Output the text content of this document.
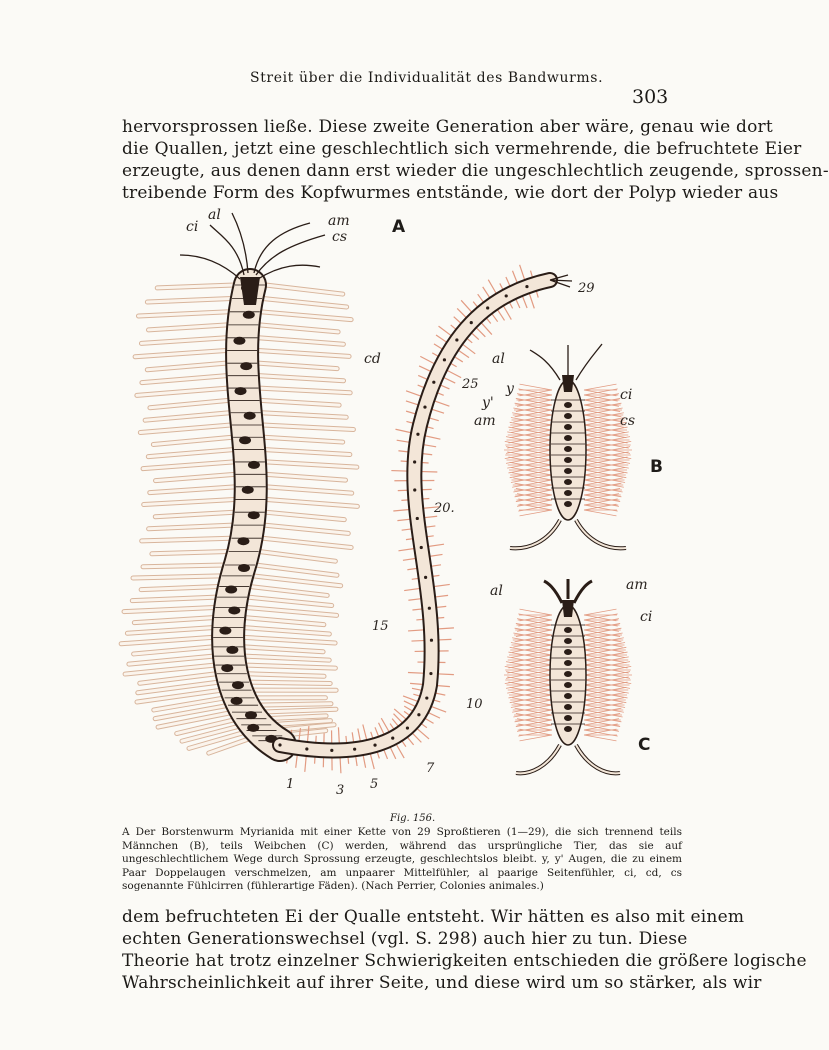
Streit über die Individualität des Bandwurms.
303
hervorsprossen ließe. Diese zweite Generation aber wäre, genau wie dort
die Quallen, jetzt eine geschlechtlich sich vermehrende, die befruchtete Eier
erzeugte, aus denen dann erst wieder die ungeschlechtlich zeugende, sprossen-
treibende Form des Kopfwurmes entstände, wie dort der Polyp wieder aus
A
B
C
ci
al	am
cs
cd	al
y
y'	ci
am	cs
al	am
ci
29
25
20.
15
10
7
5
3
1
Fig. 156.
A Der Borstenwurm Myrianida mit einer Kette von 29 Sproßtieren (1—29), die sich trennend teils Männchen (B), teils Weibchen (C) werden, während das ursprüngliche Tier, das sie auf ungeschlechtlichem Wege durch Sprossung erzeugte, geschlechtslos bleibt. y, y' Augen, die zu einem Paar Doppelaugen verschmelzen, am unpaarer Mittelfühler, al paarige Seitenfühler, ci, cd, cs sogenannte Fühlcirren (fühlerartige Fäden). (Nach Perrier, Colonies animales.)
dem befruchteten Ei der Qualle entsteht. Wir hätten es also mit einem
echten Generationswechsel (vgl. S. 298) auch hier zu tun. Diese
Theorie hat trotz einzelner Schwierigkeiten entschieden die größere logische
Wahrscheinlichkeit auf ihrer Seite, und diese wird um so stärker, als wir
